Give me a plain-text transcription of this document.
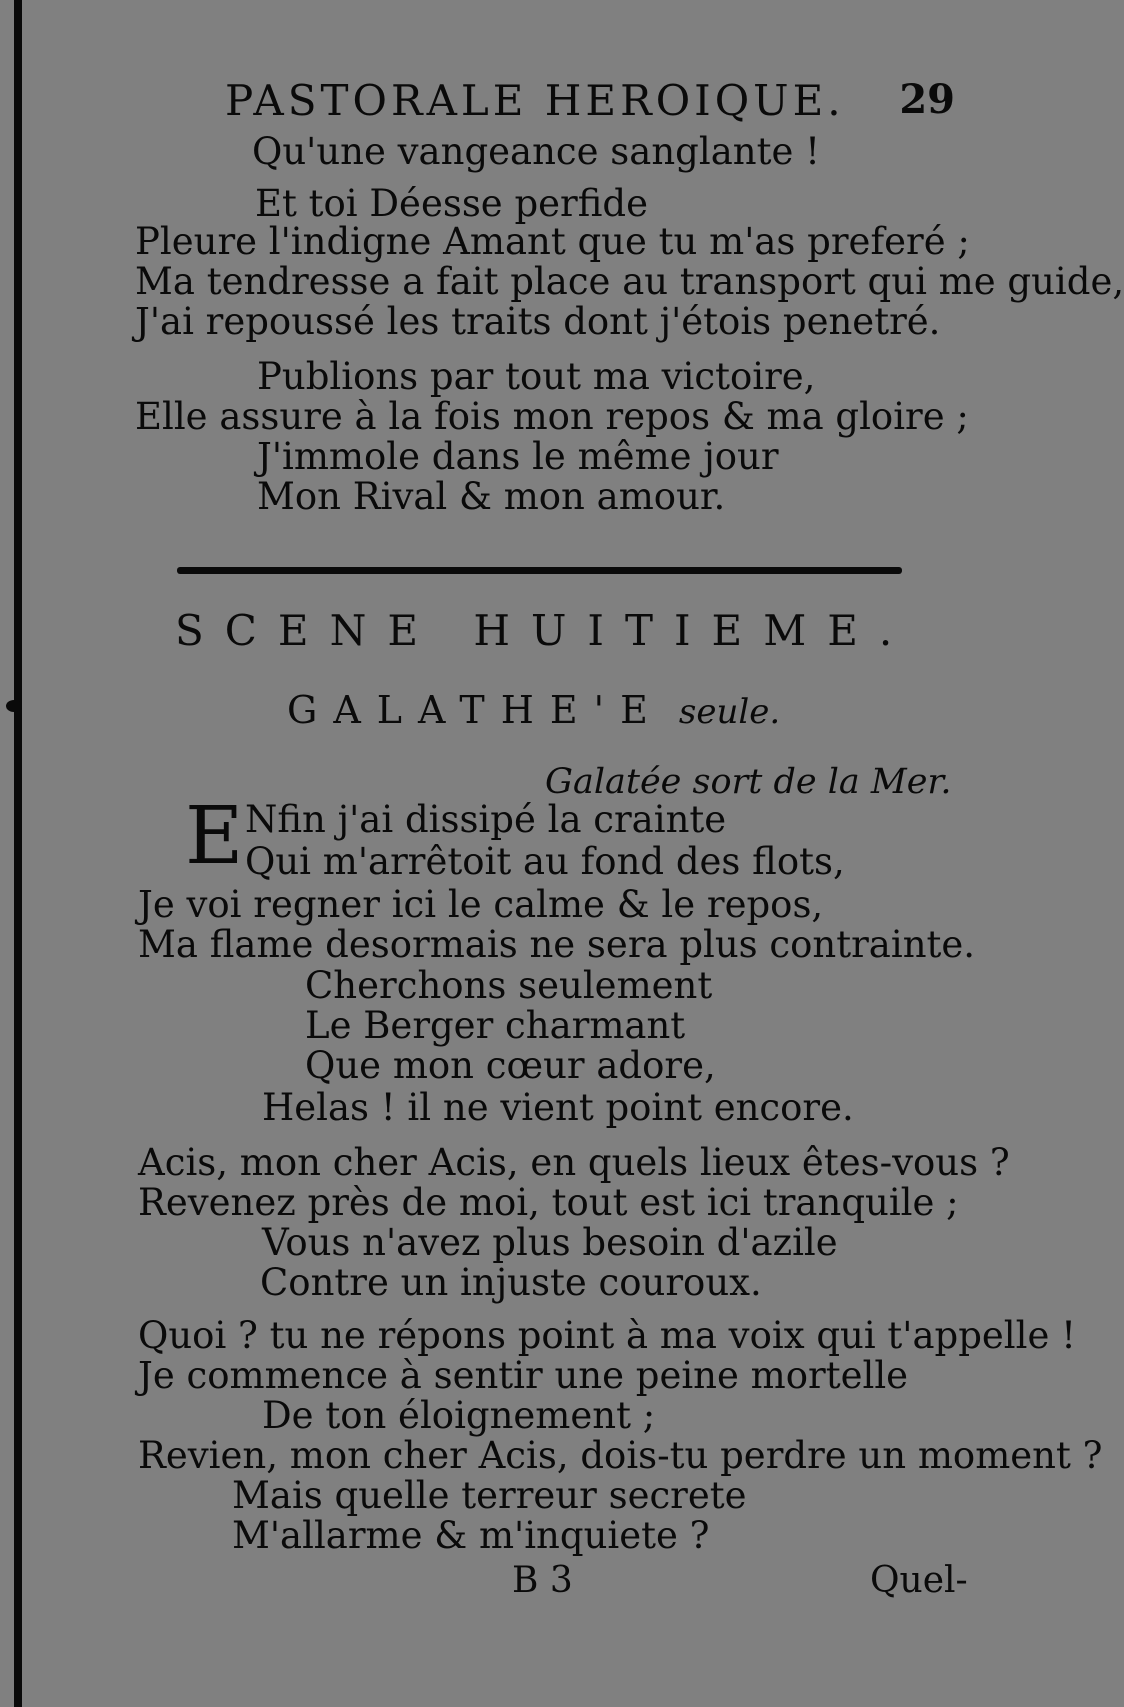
PASTORALE HEROIQUE. 29
Qu'une vangeance sanglante !
Et toi Déesse perfide
Pleure l'indigne Amant que tu m'as preferé ;
Ma tendresse a fait place au transport qui me guide,
J'ai repoussé les traits dont j'étois penetré.
Publions par tout ma victoire,
Elle assure à la fois mon repos & ma gloire ;
J'immole dans le même jour
Mon Rival & mon amour.
SCENE HUITIEME.
GALATHE'E seule.
Galatée sort de la Mer.
E Nfin j'ai dissipé la crainte
Qui m'arrêtoit au fond des flots,
Je voi regner ici le calme & le repos,
Ma flame desormais ne sera plus contrainte.
Cherchons seulement
Le Berger charmant
Que mon cœur adore,
Helas ! il ne vient point encore.
Acis, mon cher Acis, en quels lieux êtes-vous ?
Revenez près de moi, tout est ici tranquile ;
Vous n'avez plus besoin d'azile
Contre un injuste couroux.
Quoi ? tu ne répons point à ma voix qui t'appelle !
Je commence à sentir une peine mortelle
De ton éloignement ;
Revien, mon cher Acis, dois-tu perdre un moment ?
Mais quelle terreur secrete
M'allarme & m'inquiete ?
B 3	Quel-
